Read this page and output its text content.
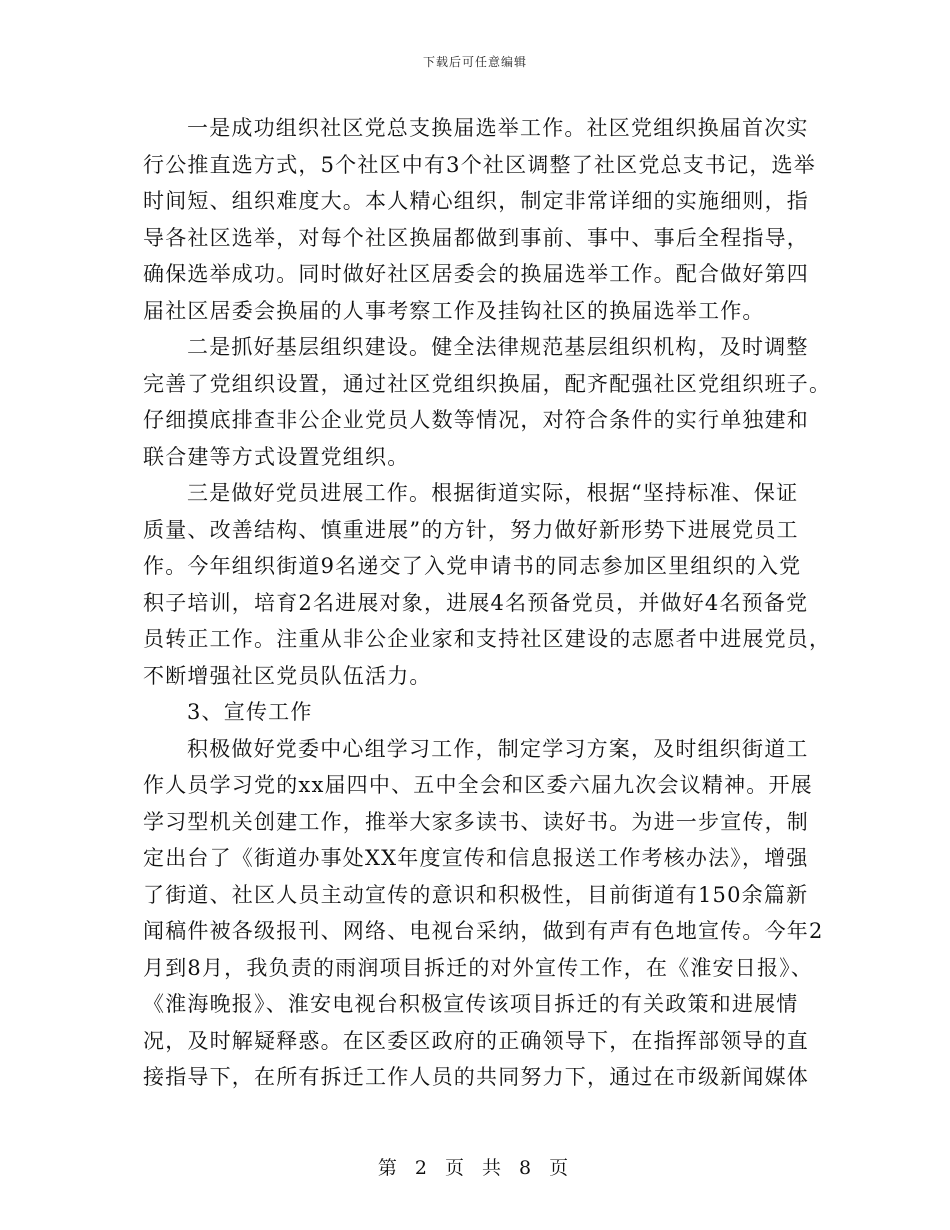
下载后可任意编辑
一是成功组织社区党总支换届选举工作。社区党组织换届首次实
行公推直选方式，5个社区中有3个社区调整了社区党总支书记，选举
时间短、组织难度大。本人精心组织，制定非常详细的实施细则，指
导各社区选举，对每个社区换届都做到事前、事中、事后全程指导，
确保选举成功。同时做好社区居委会的换届选举工作。配合做好第四
届社区居委会换届的人事考察工作及挂钩社区的换届选举工作。
二是抓好基层组织建设。健全法律规范基层组织机构，及时调整
完善了党组织设置，通过社区党组织换届，配齐配强社区党组织班子。
仔细摸底排查非公企业党员人数等情况，对符合条件的实行单独建和
联合建等方式设置党组织。
三是做好党员进展工作。根据街道实际，根据“坚持标准、保证
质量、改善结构、慎重进展”的方针，努力做好新形势下进展党员工
作。今年组织街道9名递交了入党申请书的同志参加区里组织的入党
积子培训，培育2名进展对象，进展4名预备党员，并做好4名预备党
员转正工作。注重从非公企业家和支持社区建设的志愿者中进展党员，
不断增强社区党员队伍活力。
3、宣传工作
积极做好党委中心组学习工作，制定学习方案，及时组织街道工
作人员学习党的xx届四中、五中全会和区委六届九次会议精神。开展
学习型机关创建工作，推举大家多读书、读好书。为进一步宣传，制
定出台了《街道办事处XX年度宣传和信息报送工作考核办法》，增强
了街道、社区人员主动宣传的意识和积极性，目前街道有150余篇新
闻稿件被各级报刊、网络、电视台采纳，做到有声有色地宣传。今年2
月到8月，我负责的雨润项目拆迁的对外宣传工作，在《淮安日报》、
《淮海晚报》、淮安电视台积极宣传该项目拆迁的有关政策和进展情
况，及时解疑释惑。在区委区政府的正确领导下，在指挥部领导的直
接指导下，在所有拆迁工作人员的共同努力下，通过在市级新闻媒体
第 2 页 共 8 页
